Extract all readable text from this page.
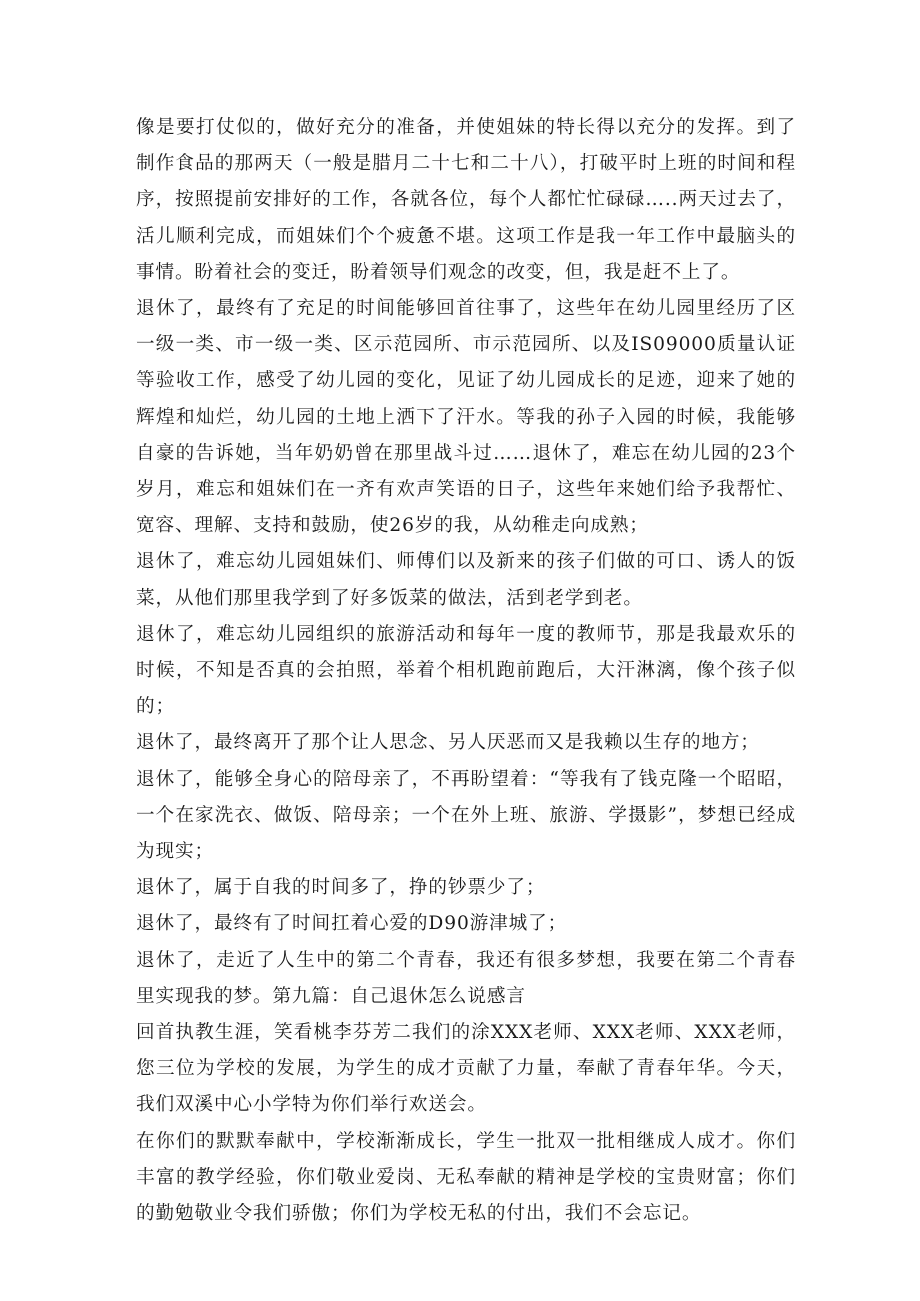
像是要打仗似的，做好充分的准备，并使姐妹的特长得以充分的发挥。到了制作食品的那两天（一般是腊月二十七和二十八），打破平时上班的时间和程序，按照提前安排好的工作，各就各位，每个人都忙忙碌碌…..两天过去了，活儿顺利完成，而姐妹们个个疲惫不堪。这项工作是我一年工作中最脑头的事情。盼着社会的变迁，盼着领导们观念的改变，但，我是赶不上了。

退休了，最终有了充足的时间能够回首往事了，这些年在幼儿园里经历了区一级一类、市一级一类、区示范园所、市示范园所、以及IS09000质量认证等验收工作，感受了幼儿园的变化，见证了幼儿园成长的足迹，迎来了她的辉煌和灿烂，幼儿园的土地上洒下了汗水。等我的孙子入园的时候，我能够自豪的告诉她，当年奶奶曾在那里战斗过……退休了，难忘在幼儿园的23个岁月，难忘和姐妹们在一齐有欢声笑语的日子，这些年来她们给予我帮忙、宽容、理解、支持和鼓励，使26岁的我，从幼稚走向成熟；

退休了，难忘幼儿园姐妹们、师傅们以及新来的孩子们做的可口、诱人的饭菜，从他们那里我学到了好多饭菜的做法，活到老学到老。

退休了，难忘幼儿园组织的旅游活动和每年一度的教师节，那是我最欢乐的时候，不知是否真的会拍照，举着个相机跑前跑后，大汗淋漓，像个孩子似的；

退休了，最终离开了那个让人思念、另人厌恶而又是我赖以生存的地方；

退休了，能够全身心的陪母亲了，不再盼望着：“等我有了钱克隆一个昭昭，一个在家洗衣、做饭、陪母亲；一个在外上班、旅游、学摄影”，梦想已经成为现实；

退休了，属于自我的时间多了，挣的钞票少了；

退休了，最终有了时间扛着心爱的D90游津城了；

退休了，走近了人生中的第二个青春，我还有很多梦想，我要在第二个青春里实现我的梦。第九篇：自己退休怎么说感言

回首执教生涯，笑看桃李芬芳二我们的涂XXX老师、XXX老师、XXX老师，您三位为学校的发展，为学生的成才贡献了力量，奉献了青春年华。今天，我们双溪中心小学特为你们举行欢送会。

在你们的默默奉献中，学校渐渐成长，学生一批双一批相继成人成才。你们丰富的教学经验，你们敬业爱岗、无私奉献的精神是学校的宝贵财富；你们的勤勉敬业令我们骄傲；你们为学校无私的付出，我们不会忘记。
